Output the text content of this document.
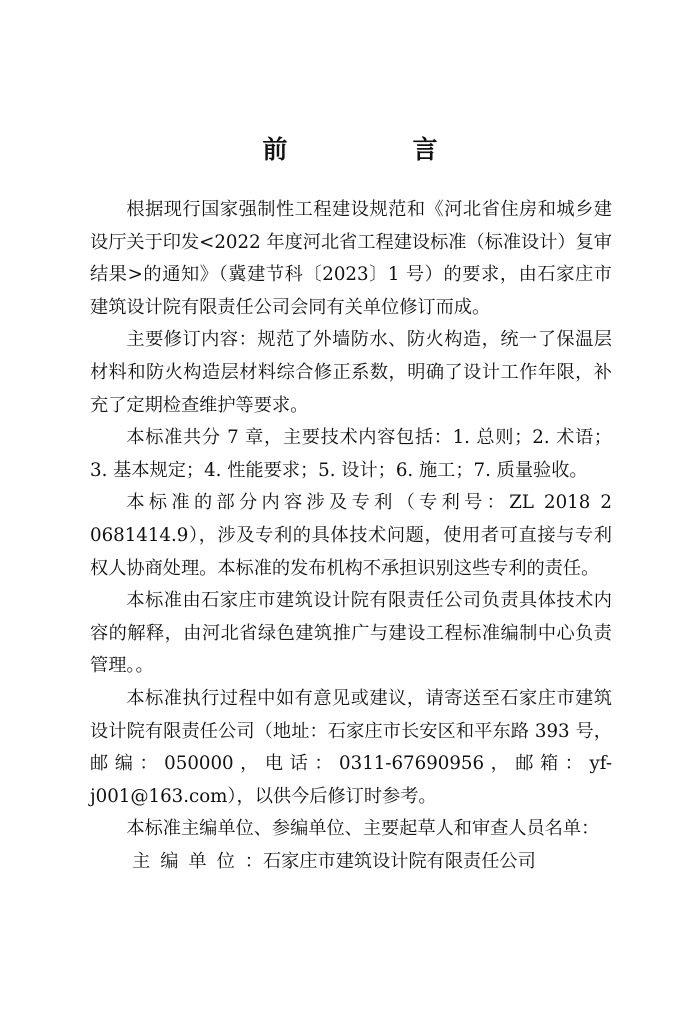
前　言

根据现行国家强制性工程建设规范和《河北省住房和城乡建设厅关于印发<2022 年度河北省工程建设标准（标准设计）复审结果>的通知》（冀建节科〔2023〕1 号）的要求，由石家庄市建筑设计院有限责任公司会同有关单位修订而成。

主要修订内容：规范了外墙防水、防火构造，统一了保温层材料和防火构造层材料综合修正系数，明确了设计工作年限，补充了定期检查维护等要求。

本标准共分 7 章，主要技术内容包括：1. 总则；2. 术语；3. 基本规定；4. 性能要求；5. 设计；6. 施工；7. 质量验收。

本标准的部分内容涉及专利（专利号：ZL 2018 2 0681414.9），涉及专利的具体技术问题，使用者可直接与专利权人协商处理。本标准的发布机构不承担识别这些专利的责任。

本标准由石家庄市建筑设计院有限责任公司负责具体技术内容的解释，由河北省绿色建筑推广与建设工程标准编制中心负责管理。。

本标准执行过程中如有意见或建议，请寄送至石家庄市建筑设计院有限责任公司（地址：石家庄市长安区和平东路 393 号，邮编：050000，电话：0311-67690956，邮箱：yf-j001@163.com），以供今后修订时参考。

本标准主编单位、参编单位、主要起草人和审查人员名单：

主编单位：石家庄市建筑设计院有限责任公司
